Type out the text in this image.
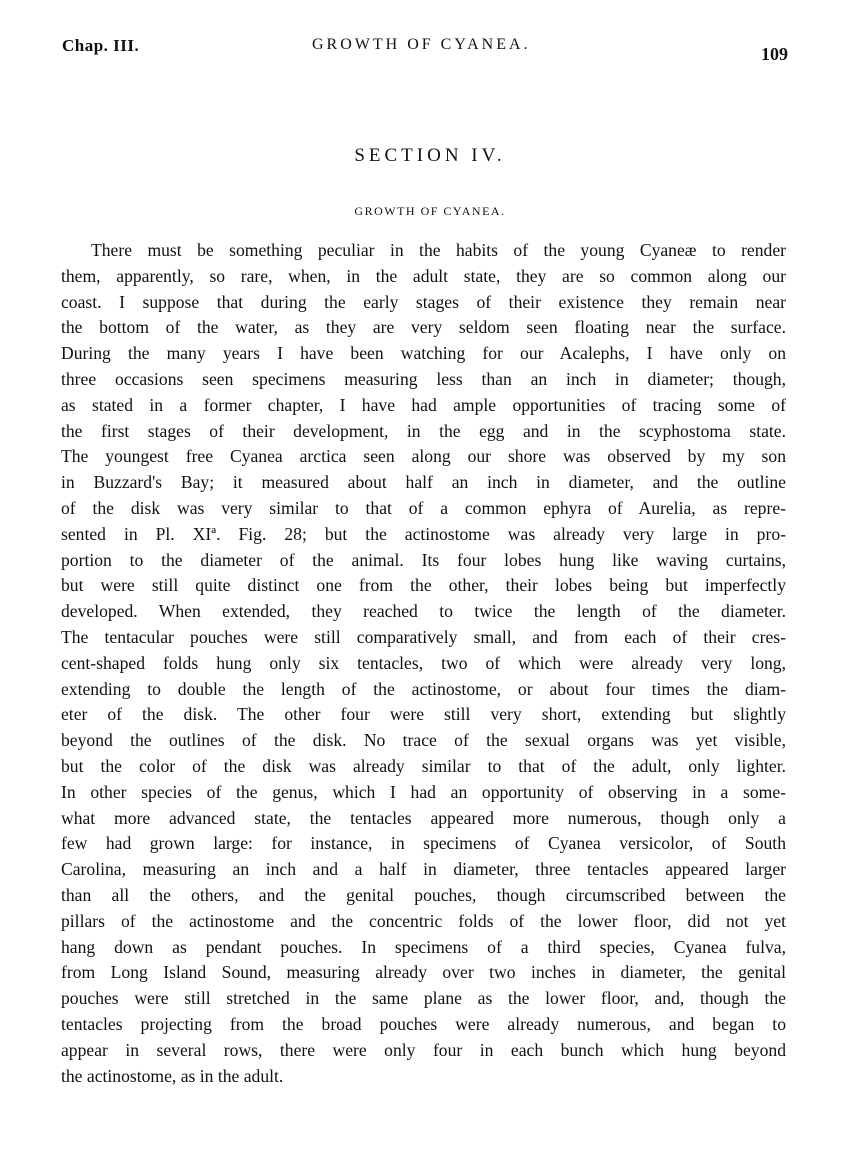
Chap. III.	GROWTH OF CYANEA.	109
SECTION IV.
GROWTH OF CYANEA.
There must be something peculiar in the habits of the young Cyaneæ to render
them, apparently, so rare, when, in the adult state, they are so common along our
coast. I suppose that during the early stages of their existence they remain near
the bottom of the water, as they are very seldom seen floating near the surface.
During the many years I have been watching for our Acalephs, I have only on
three occasions seen specimens measuring less than an inch in diameter; though,
as stated in a former chapter, I have had ample opportunities of tracing some of
the first stages of their development, in the egg and in the scyphostoma state.
The youngest free Cyanea arctica seen along our shore was observed by my son
in Buzzard's Bay; it measured about half an inch in diameter, and the outline
of the disk was very similar to that of a common ephyra of Aurelia, as repre-
sented in Pl. XIª. Fig. 28; but the actinostome was already very large in pro-
portion to the diameter of the animal. Its four lobes hung like waving curtains,
but were still quite distinct one from the other, their lobes being but imperfectly
developed. When extended, they reached to twice the length of the diameter.
The tentacular pouches were still comparatively small, and from each of their cres-
cent-shaped folds hung only six tentacles, two of which were already very long,
extending to double the length of the actinostome, or about four times the diam-
eter of the disk. The other four were still very short, extending but slightly
beyond the outlines of the disk. No trace of the sexual organs was yet visible,
but the color of the disk was already similar to that of the adult, only lighter.
In other species of the genus, which I had an opportunity of observing in a some-
what more advanced state, the tentacles appeared more numerous, though only a
few had grown large: for instance, in specimens of Cyanea versicolor, of South
Carolina, measuring an inch and a half in diameter, three tentacles appeared larger
than all the others, and the genital pouches, though circumscribed between the
pillars of the actinostome and the concentric folds of the lower floor, did not yet
hang down as pendant pouches. In specimens of a third species, Cyanea fulva,
from Long Island Sound, measuring already over two inches in diameter, the genital
pouches were still stretched in the same plane as the lower floor, and, though the
tentacles projecting from the broad pouches were already numerous, and began to
appear in several rows, there were only four in each bunch which hung beyond
the actinostome, as in the adult.
